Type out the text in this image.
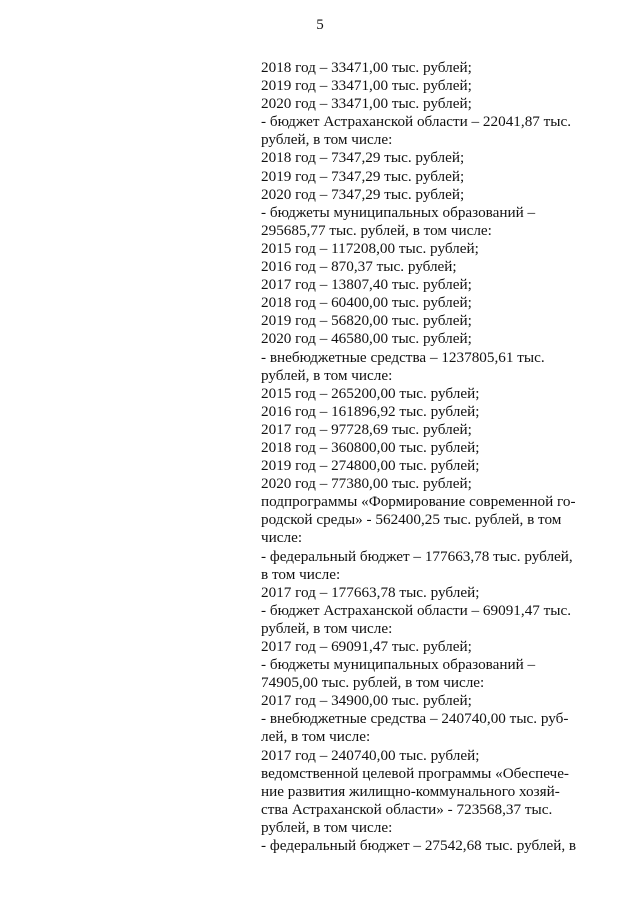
5
2018 год – 33471,00 тыс. рублей;
2019 год – 33471,00 тыс. рублей;
2020 год – 33471,00 тыс. рублей;
- бюджет Астраханской области – 22041,87 тыс.
рублей, в том числе:
2018 год – 7347,29 тыс. рублей;
2019 год – 7347,29 тыс. рублей;
2020 год – 7347,29 тыс. рублей;
- бюджеты муниципальных образований –
295685,77 тыс. рублей, в том числе:
2015 год – 117208,00 тыс. рублей;
2016 год – 870,37 тыс. рублей;
2017 год – 13807,40 тыс. рублей;
2018 год – 60400,00 тыс. рублей;
2019 год – 56820,00 тыс. рублей;
2020 год – 46580,00 тыс. рублей;
- внебюджетные средства – 1237805,61 тыс.
рублей, в том числе:
2015 год – 265200,00 тыс. рублей;
2016 год – 161896,92 тыс. рублей;
2017 год – 97728,69 тыс. рублей;
2018 год – 360800,00 тыс. рублей;
2019 год – 274800,00 тыс. рублей;
2020 год – 77380,00 тыс. рублей;
подпрограммы «Формирование современной го-
родской среды» - 562400,25 тыс. рублей, в том
числе:
- федеральный бюджет – 177663,78 тыс. рублей,
в том числе:
2017 год – 177663,78 тыс. рублей;
- бюджет Астраханской области – 69091,47 тыс.
рублей, в том числе:
2017 год – 69091,47 тыс. рублей;
- бюджеты муниципальных образований –
74905,00 тыс. рублей, в том числе:
2017 год – 34900,00 тыс. рублей;
- внебюджетные средства – 240740,00 тыс. руб-
лей, в том числе:
2017 год – 240740,00 тыс. рублей;
ведомственной целевой программы «Обеспече-
ние развития жилищно-коммунального хозяй-
ства Астраханской области» - 723568,37 тыс.
рублей, в том числе:
- федеральный бюджет – 27542,68 тыс. рублей, в
